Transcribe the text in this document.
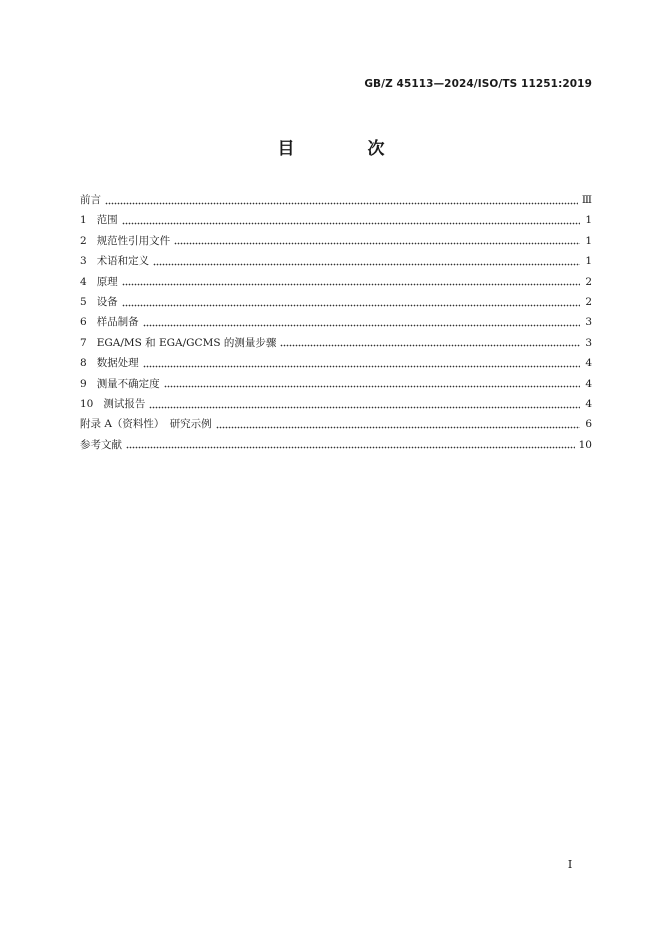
GB/Z 45113—2024/ISO/TS 11251:2019
目　次
前言	Ⅲ
1 范围	1
2 规范性引用文件	1
3 术语和定义	1
4 原理	2
5 设备	2
6 样品制备	3
7 EGA/MS 和 EGA/GCMS 的测量步骤	3
8 数据处理	4
9 测量不确定度	4
10 测试报告	4
附录 A（资料性）　研究示例	6
参考文献	10
Ⅰ
